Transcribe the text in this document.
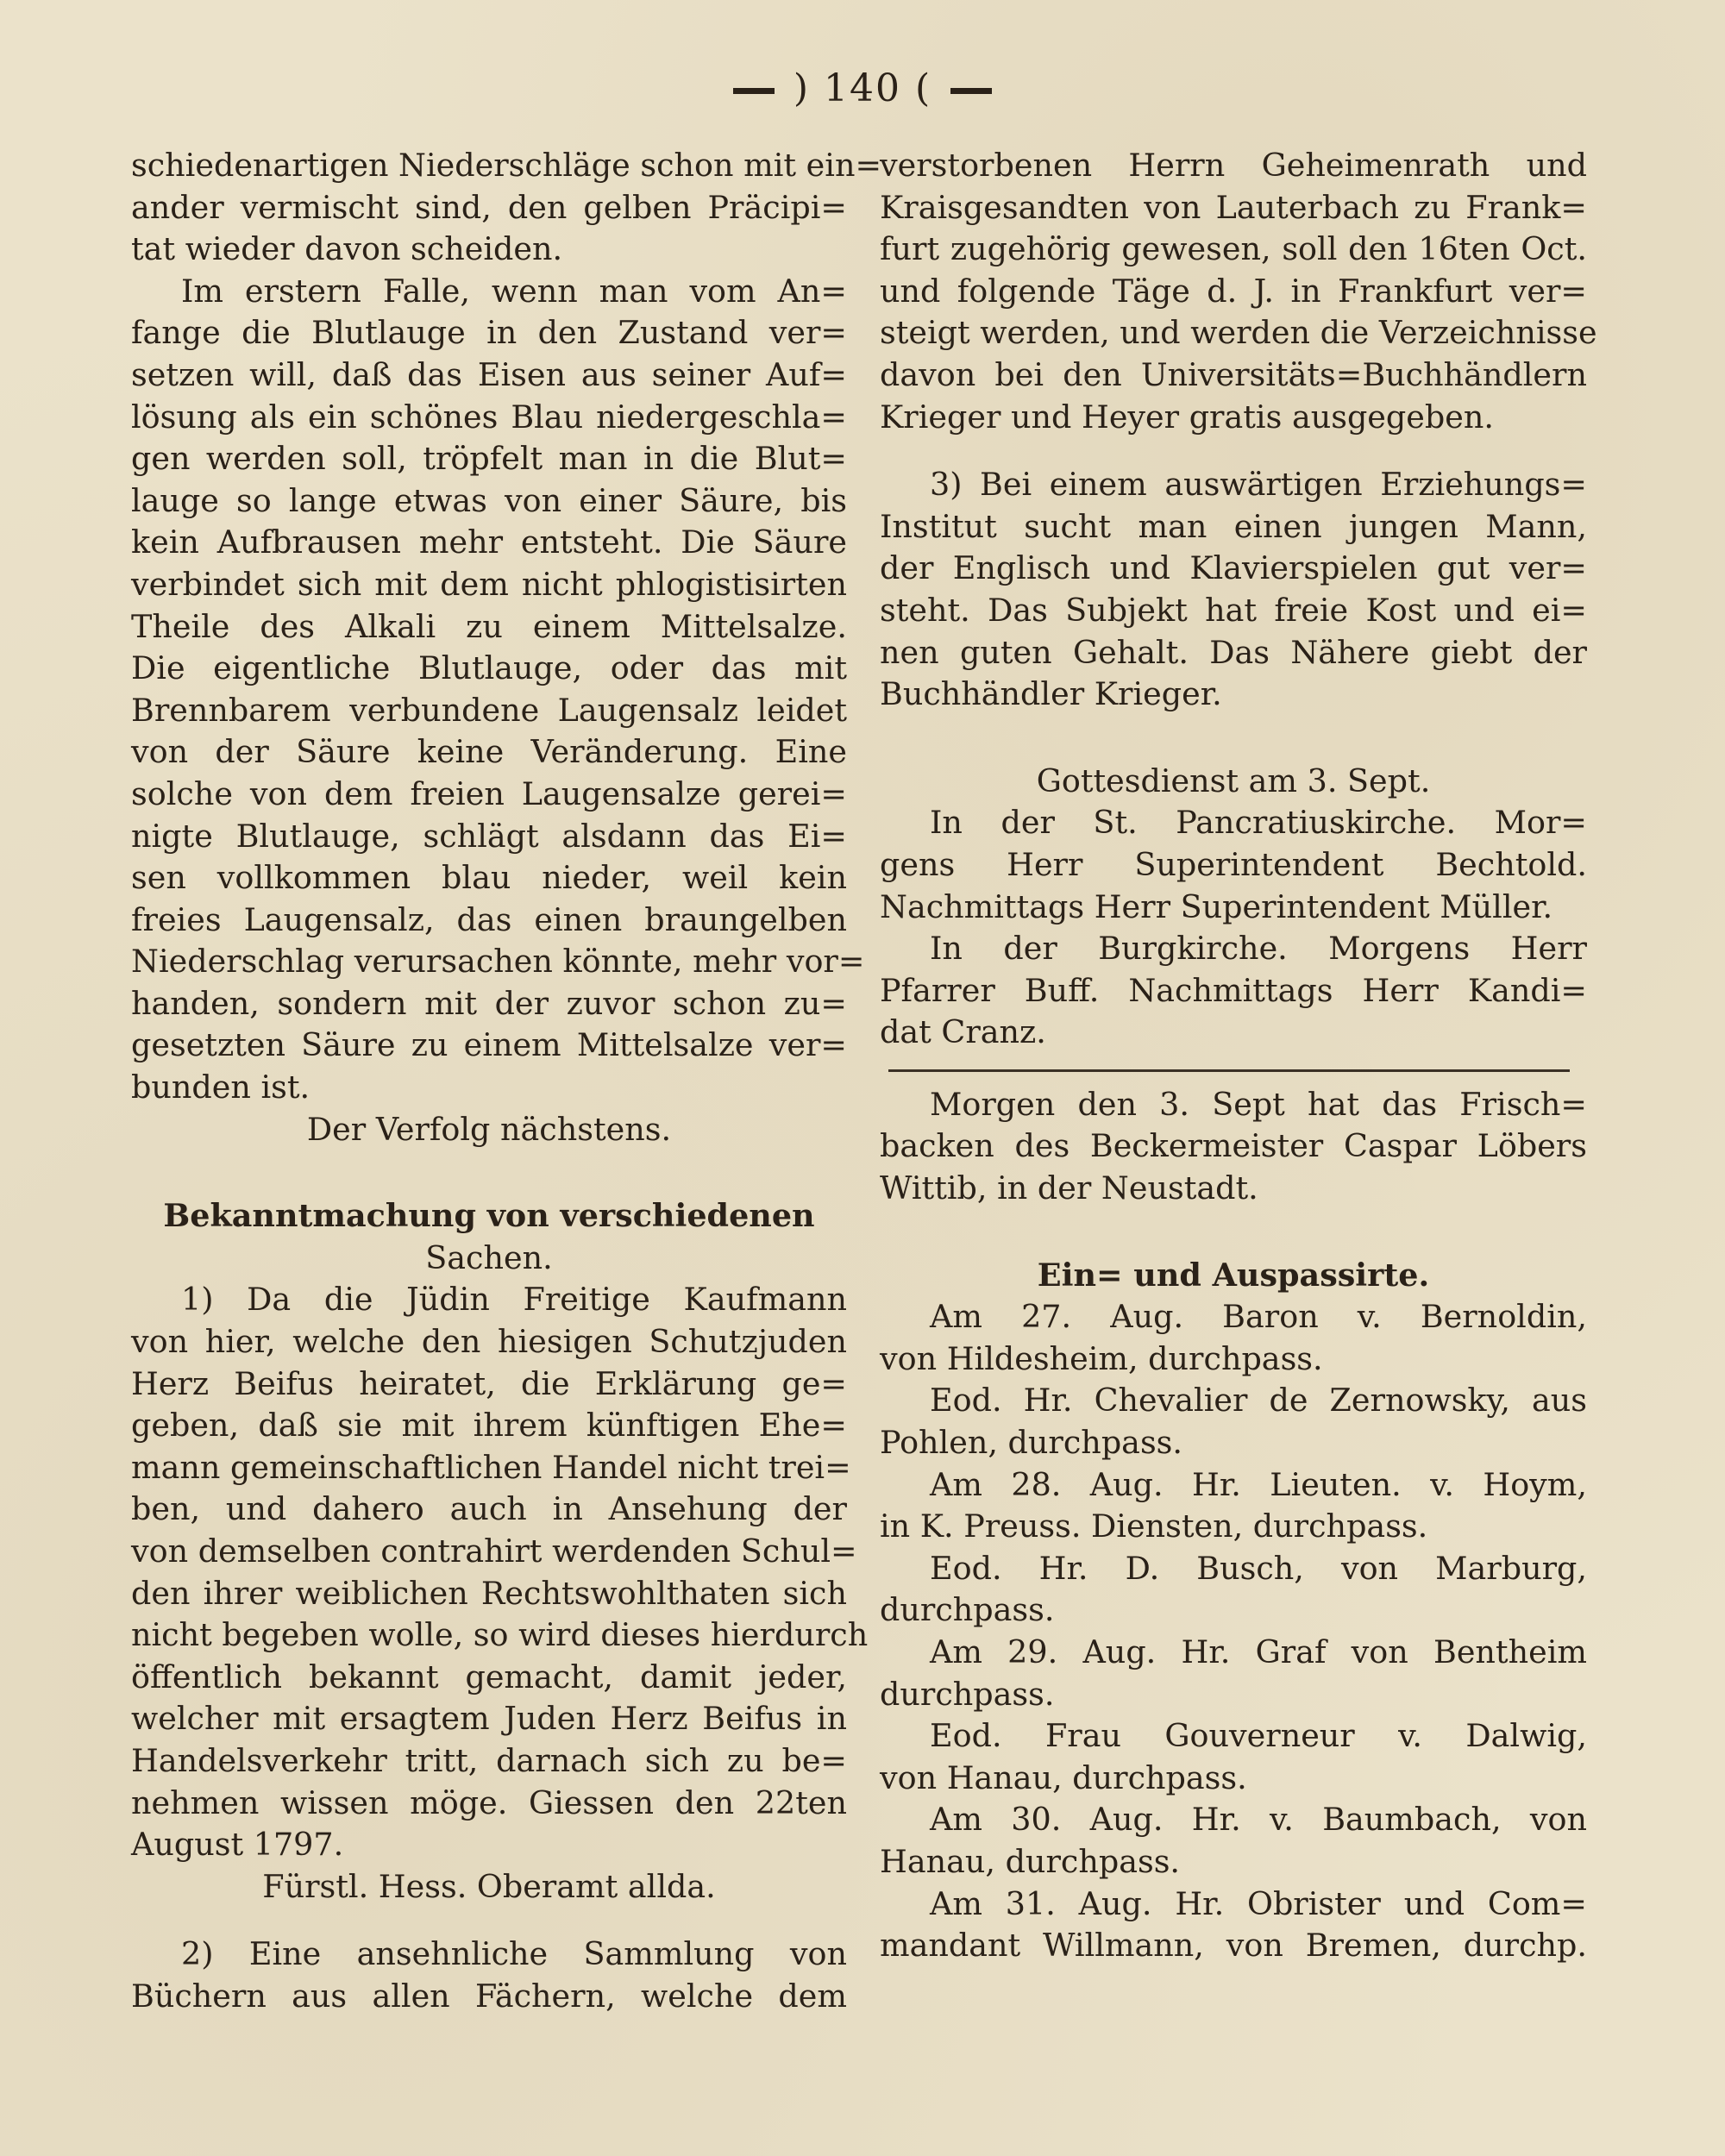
) 140 (
schiedenartigen Niederschläge schon mit ein=
ander vermischt sind, den gelben Präcipi=
tat wieder davon scheiden.
Im erstern Falle, wenn man vom An=
fange die Blutlauge in den Zustand ver=
setzen will, daß das Eisen aus seiner Auf=
lösung als ein schönes Blau niedergeschla=
gen werden soll, tröpfelt man in die Blut=
lauge so lange etwas von einer Säure, bis
kein Aufbrausen mehr entsteht. Die Säure
verbindet sich mit dem nicht phlogistisirten
Theile des Alkali zu einem Mittelsalze.
Die eigentliche Blutlauge, oder das mit
Brennbarem verbundene Laugensalz leidet
von der Säure keine Veränderung. Eine
solche von dem freien Laugensalze gerei=
nigte Blutlauge, schlägt alsdann das Ei=
sen vollkommen blau nieder, weil kein
freies Laugensalz, das einen braungelben
Niederschlag verursachen könnte, mehr vor=
handen, sondern mit der zuvor schon zu=
gesetzten Säure zu einem Mittelsalze ver=
bunden ist.
Der Verfolg nächstens.
Bekanntmachung von verschiedenen
Sachen.
1) Da die Jüdin Freitige Kaufmann
von hier, welche den hiesigen Schutzjuden
Herz Beifus heiratet, die Erklärung ge=
geben, daß sie mit ihrem künftigen Ehe=
mann gemeinschaftlichen Handel nicht trei=
ben, und dahero auch in Ansehung der
von demselben contrahirt werdenden Schul=
den ihrer weiblichen Rechtswohlthaten sich
nicht begeben wolle, so wird dieses hierdurch
öffentlich bekannt gemacht, damit jeder,
welcher mit ersagtem Juden Herz Beifus in
Handelsverkehr tritt, darnach sich zu be=
nehmen wissen möge. Giessen den 22ten
August 1797.
Fürstl. Hess. Oberamt allda.
2) Eine ansehnliche Sammlung von
Büchern aus allen Fächern, welche dem
verstorbenen Herrn Geheimenrath und
Kraisgesandten von Lauterbach zu Frank=
furt zugehörig gewesen, soll den 16ten Oct.
und folgende Täge d. J. in Frankfurt ver=
steigt werden, und werden die Verzeichnisse
davon bei den Universitäts=Buchhändlern
Krieger und Heyer gratis ausgegeben.
3) Bei einem auswärtigen Erziehungs=
Institut sucht man einen jungen Mann,
der Englisch und Klavierspielen gut ver=
steht. Das Subjekt hat freie Kost und ei=
nen guten Gehalt. Das Nähere giebt der
Buchhändler Krieger.
Gottesdienst am 3. Sept.
In der St. Pancratiuskirche. Mor=
gens Herr Superintendent Bechtold.
Nachmittags Herr Superintendent Müller.
In der Burgkirche. Morgens Herr
Pfarrer Buff. Nachmittags Herr Kandi=
dat Cranz.
Morgen den 3. Sept hat das Frisch=
backen des Beckermeister Caspar Löbers
Wittib, in der Neustadt.
Ein= und Auspassirte.
Am 27. Aug. Baron v. Bernoldin,
von Hildesheim, durchpass.
Eod. Hr. Chevalier de Zernowsky, aus
Pohlen, durchpass.
Am 28. Aug. Hr. Lieuten. v. Hoym,
in K. Preuss. Diensten, durchpass.
Eod. Hr. D. Busch, von Marburg,
durchpass.
Am 29. Aug. Hr. Graf von Bentheim
durchpass.
Eod. Frau Gouverneur v. Dalwig,
von Hanau, durchpass.
Am 30. Aug. Hr. v. Baumbach, von
Hanau, durchpass.
Am 31. Aug. Hr. Obrister und Com=
mandant Willmann, von Bremen, durchp.
